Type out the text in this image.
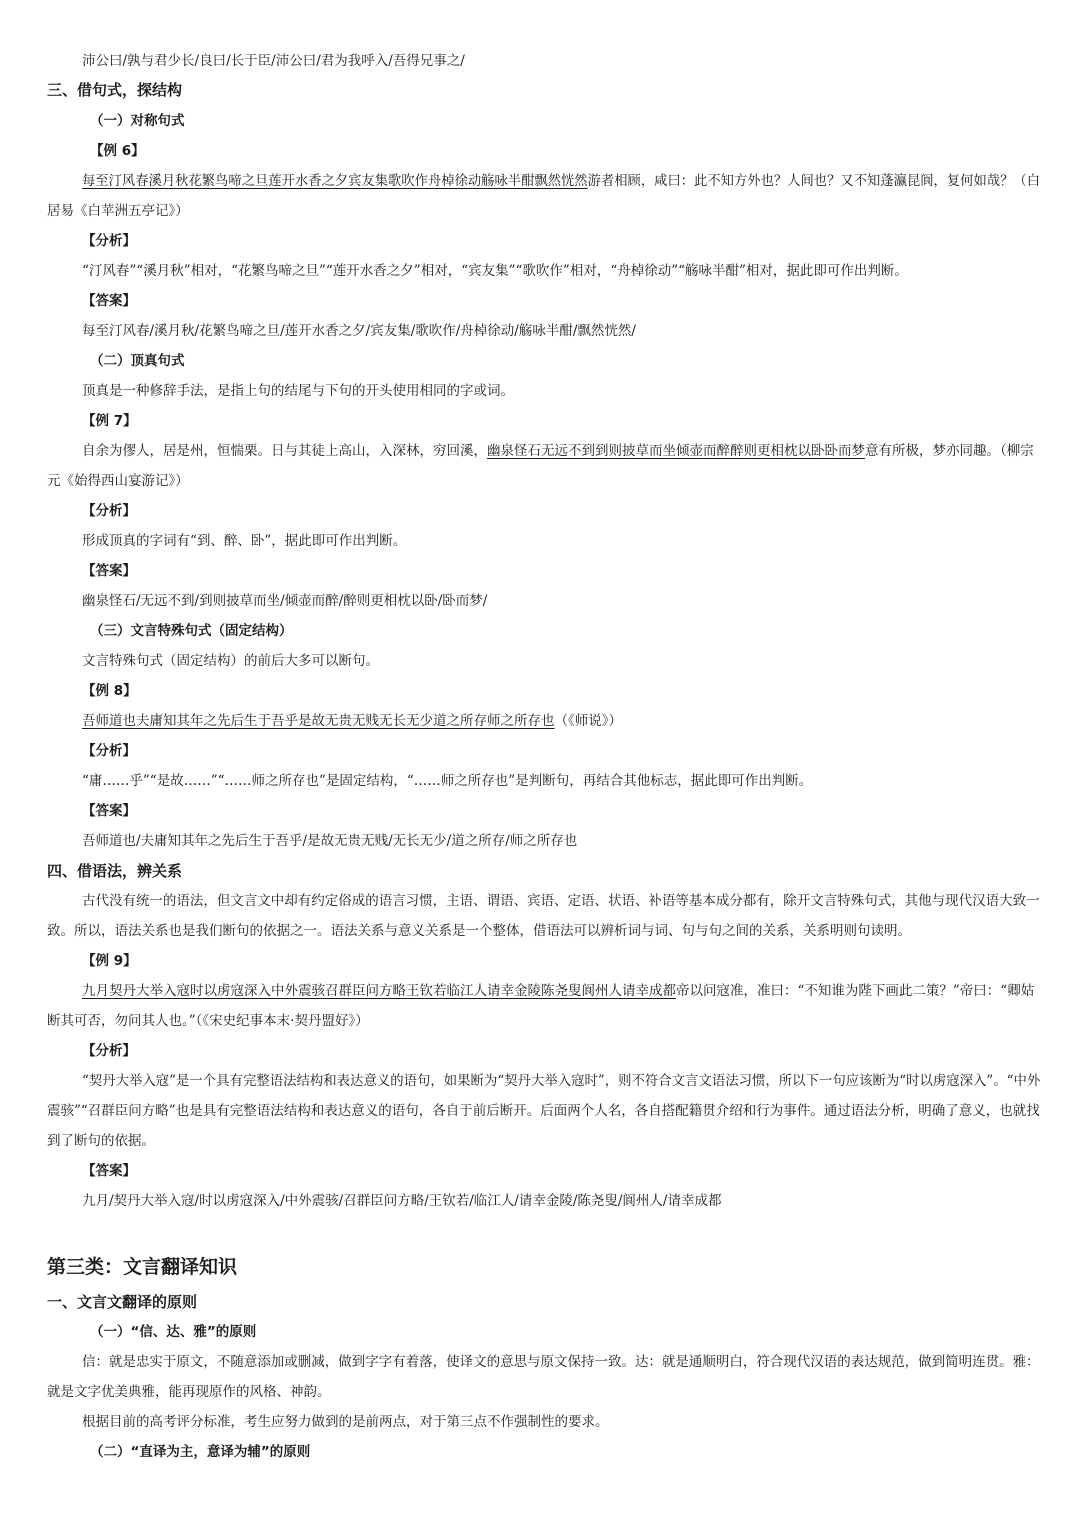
沛公曰/孰与君少长/良曰/长于臣/沛公曰/君为我呼入/吾得兄事之/
三、借句式，探结构
（一）对称句式
【例 6】
每至汀风春溪月秋花繁鸟啼之旦莲开水香之夕宾友集歌吹作舟棹徐动觞咏半酣飘然恍然游者相顾，咸曰：此不知方外也？人间也？又不知蓬瀛昆阆，复何如哉？（白
居易《白苹洲五亭记》）
【分析】
“汀风春”“溪月秋”相对，“花繁鸟啼之旦”“莲开水香之夕”相对，“宾友集”“歌吹作”相对，“舟棹徐动”“觞咏半酣”相对，据此即可作出判断。
【答案】
每至汀风春/溪月秋/花繁鸟啼之旦/莲开水香之夕/宾友集/歌吹作/舟棹徐动/觞咏半酣/飘然恍然/
（二）顶真句式
顶真是一种修辞手法，是指上句的结尾与下句的开头使用相同的字或词。
【例 7】
自余为僇人，居是州，恒惴栗。日与其徒上高山，入深林，穷回溪，幽泉怪石无远不到到则披草而坐倾壶而醉醉则更相枕以卧卧而梦意有所极，梦亦同趣。（柳宗
元《始得西山宴游记》）
【分析】
形成顶真的字词有“到、醉、卧”，据此即可作出判断。
【答案】
幽泉怪石/无远不到/到则披草而坐/倾壶而醉/醉则更相枕以卧/卧而梦/
（三）文言特殊句式（固定结构）
文言特殊句式（固定结构）的前后大多可以断句。
【例 8】
吾师道也夫庸知其年之先后生于吾乎是故无贵无贱无长无少道之所存师之所存也（《师说》）
【分析】
“庸……乎”“是故……”“……师之所存也”是固定结构，“……师之所存也”是判断句，再结合其他标志，据此即可作出判断。
【答案】
吾师道也/夫庸知其年之先后生于吾乎/是故无贵无贱/无长无少/道之所存/师之所存也
四、借语法，辨关系
古代没有统一的语法，但文言文中却有约定俗成的语言习惯，主语、谓语、宾语、定语、状语、补语等基本成分都有，除开文言特殊句式，其他与现代汉语大致一
致。所以，语法关系也是我们断句的依据之一。语法关系与意义关系是一个整体，借语法可以辨析词与词、句与句之间的关系，关系明则句读明。
【例 9】
九月契丹大举入寇时以虏寇深入中外震骇召群臣问方略王钦若临江人请幸金陵陈尧叟阆州人请幸成都帝以问寇准，准曰：“不知谁为陛下画此二策？”帝曰：“卿姑
断其可否，勿问其人也。”（《宋史纪事本末·契丹盟好》）
【分析】
“契丹大举入寇”是一个具有完整语法结构和表达意义的语句，如果断为“契丹大举入寇时”，则不符合文言文语法习惯，所以下一句应该断为“时以虏寇深入”。“中外
震骇”“召群臣问方略”也是具有完整语法结构和表达意义的语句，各自于前后断开。后面两个人名，各自搭配籍贯介绍和行为事件。通过语法分析，明确了意义，也就找
到了断句的依据。
【答案】
九月/契丹大举入寇/时以虏寇深入/中外震骇/召群臣问方略/王钦若/临江人/请幸金陵/陈尧叟/阆州人/请幸成都
第三类：文言翻译知识
一、文言文翻译的原则
（一）“信、达、雅”的原则
信：就是忠实于原文，不随意添加或删减，做到字字有着落，使译文的意思与原文保持一致。达：就是通顺明白，符合现代汉语的表达规范，做到简明连贯。雅：
就是文字优美典雅，能再现原作的风格、神韵。
根据目前的高考评分标准，考生应努力做到的是前两点，对于第三点不作强制性的要求。
（二）“直译为主，意译为辅”的原则
